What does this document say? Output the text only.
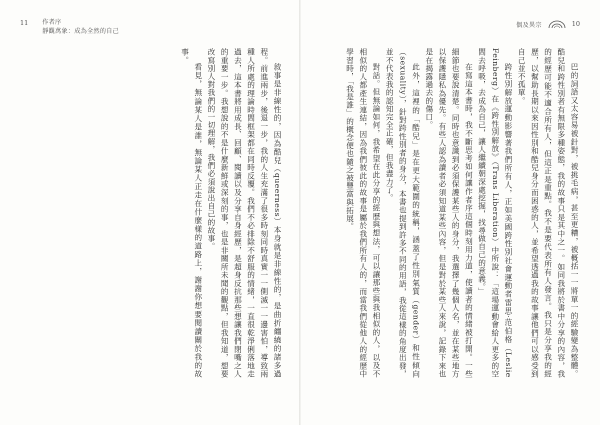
11 作者序
靜觀萬象：成為全然的自己

敘事是非線性的，因為酷兒（queerness）本身就是非線性的，是曲折纏繞的諸多過程。前進兩步，後退一步，我的人生充滿了很多時刻同時真實一一側滅一一邊害怕，導致兩種人所處的理論時間框架都在同時反覆。我們不必排除不舒服的情緒，一直很乾淨俐落地走過去，這本書將用成長、回顧、閱讀以及分享自身經歷，是超身反抗那些想讓我們閉嘴之人的重要一步。我想說的不是什麼新鮮或深刻的事，也是非關所未聞的觀點，但我知道，想要改寫別人對我們的一切理解，我們必須說出自己的故事。

看見，無論某人是誰，無論某人正走在什麼樣的道路上，謝謝你想要閱讀關於我的故事。

偶及異宗	10

巴的詞語又太容易被針對，被挑毛病，甚至更糟，被概括一一將單一的經驗變為整體。酷兒和跨性別者有無限多種姿態，我的故事只是其中之一。如同我將於書中分享的內容，我的經歷可能不適合所有人，但這正是重點。我不是要代表所有人發言。我只是分享我的經歷，以幫助長期以來因性別和酷兒身分而困惑的人，並希望透過我的故事讓他們可以感受到自己並不孤單。

跨性別解放運動影響著我們所有人，正如美國跨性別社會運動者雷思·范伯格（Leslie Feinberg）在《跨性別解放》（Trans Liberation）中所說：「這場運動會給人更多的空間去呼吸，去成為自己，讓人繼續朝深處挖掘，找尋做自己的意義。」

在寫這本書時，我不斷思考如何讓作者序這個時刻用力道，使讀者的情緒被打開。一些細節也要說清楚。同時也意識到必須保護某些人的身分，我選擇了幾個人名，並在某些地方以保護隱私為優先。有些人認為讀者必須知道某些內容，但是對於某些人來說，記錄下來也是在揭露過去的傷口。

此外，這裡的「酷兒」是在更大範圍的統稱，涵蓋了性別氣質（gender）和性傾向（sexuality），針對跨性別者的身分，本書也提到許多不同的用語，我從這樣的角度出發，並不代表我的認知完全正確，但我盡力了。

對話。但無論如何，我希望在此分享的經歷與想法，可以讓那些與我相似的人，以及不相似的人都產生連結，因為我們彼此的故事是屬於我們所有人的，而當我們從他人的經歷中學習時，「我是誰」的概念便也隨之被豐富與拓展。
